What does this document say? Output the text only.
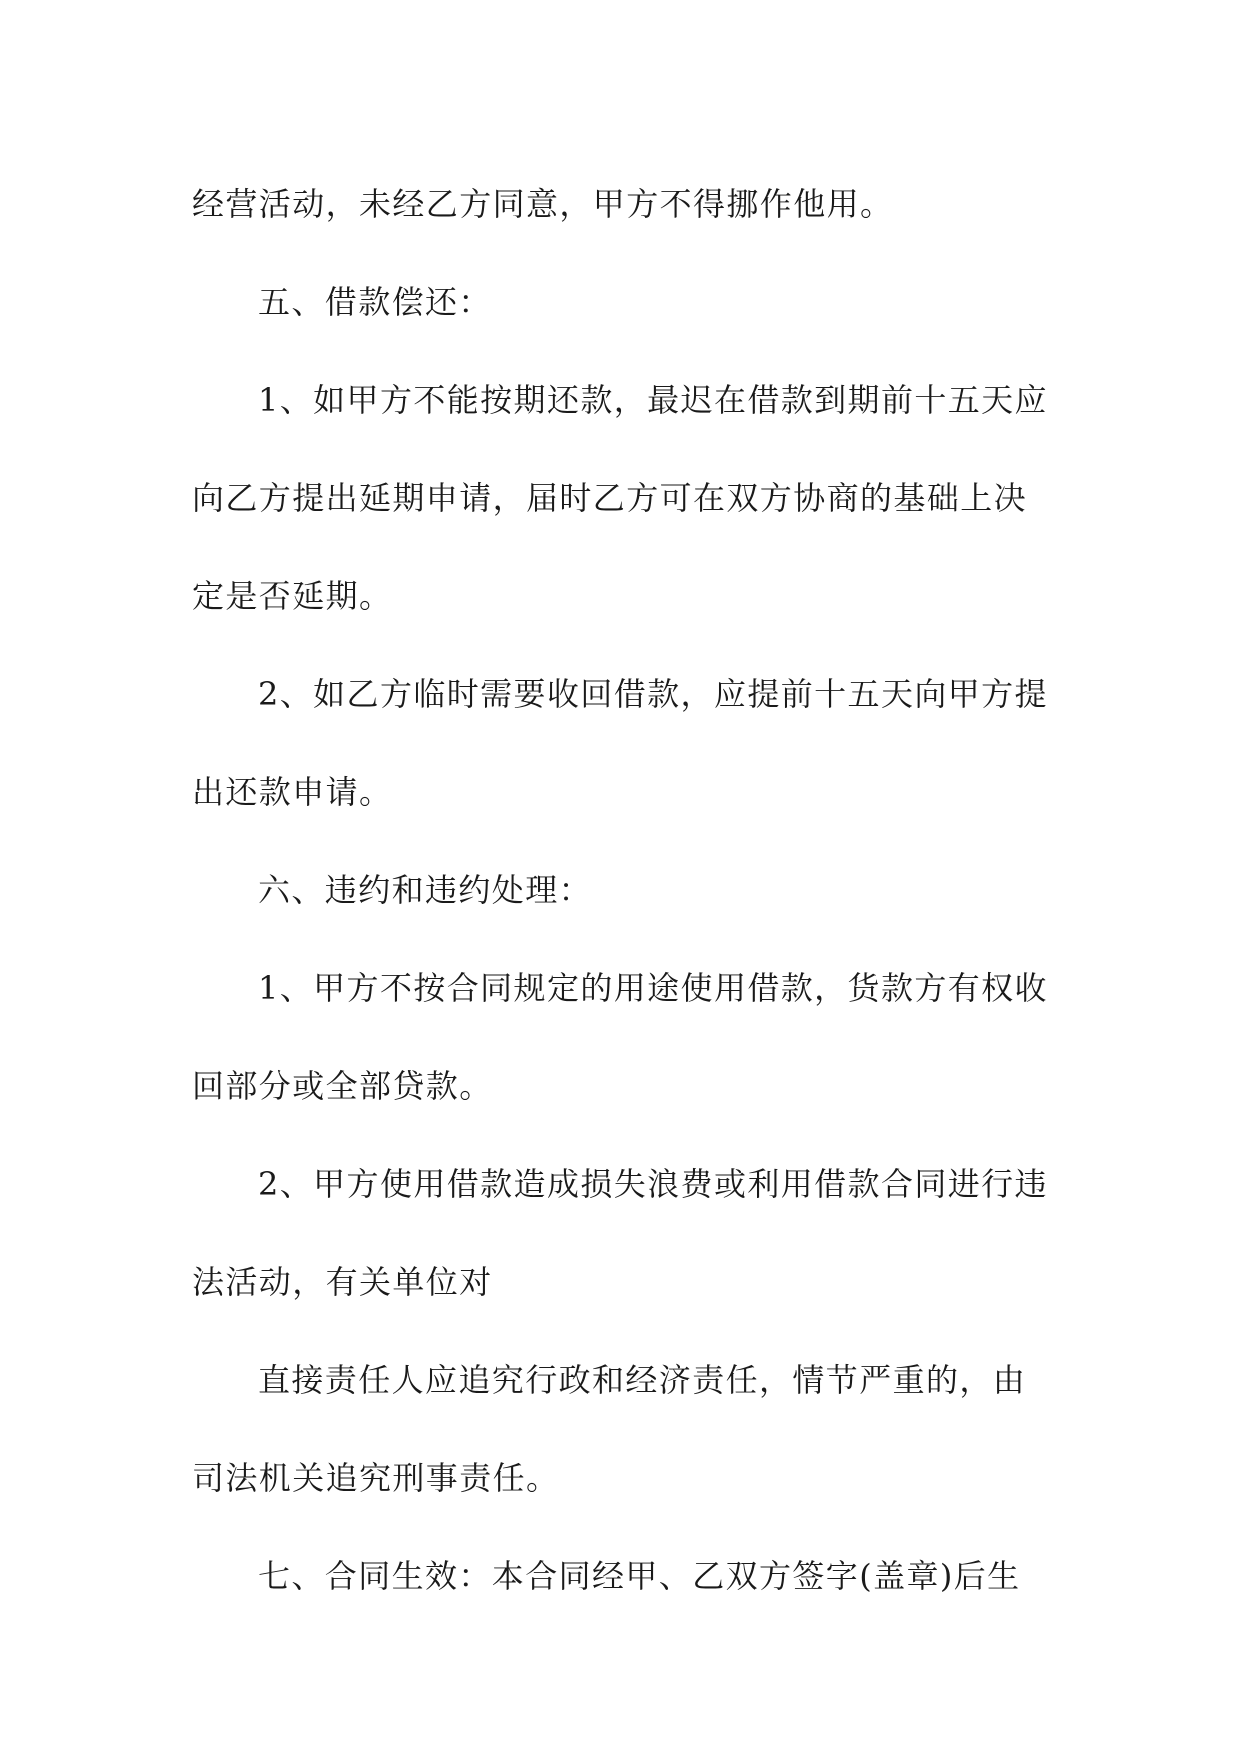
经营活动，未经乙方同意，甲方不得挪作他用。
五、借款偿还：
1、如甲方不能按期还款，最迟在借款到期前十五天应
向乙方提出延期申请，届时乙方可在双方协商的基础上决
定是否延期。
2、如乙方临时需要收回借款，应提前十五天向甲方提
出还款申请。
六、违约和违约处理：
1、甲方不按合同规定的用途使用借款，货款方有权收
回部分或全部贷款。
2、甲方使用借款造成损失浪费或利用借款合同进行违
法活动，有关单位对
直接责任人应追究行政和经济责任，情节严重的，由
司法机关追究刑事责任。
七、合同生效：本合同经甲、乙双方签字(盖章)后生
